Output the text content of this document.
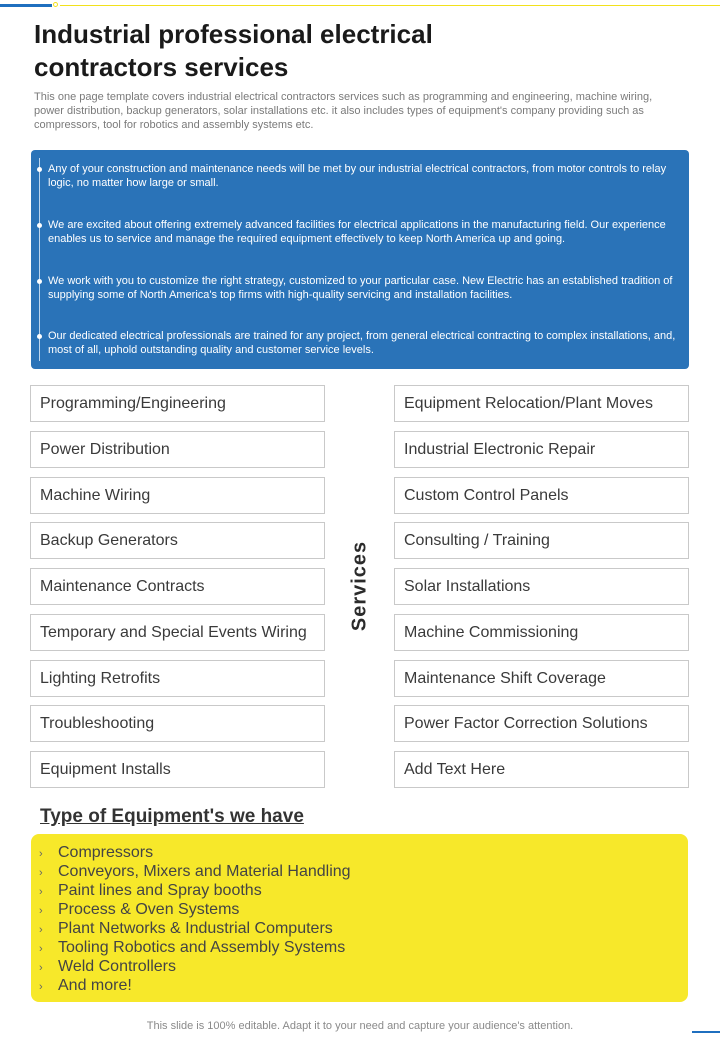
Industrial professional electrical contractors services

This one page template covers industrial electrical contractors services such as programming and engineering, machine wiring, power distribution, backup generators, solar installations etc. it also includes types of equipment's company providing such as compressors, tool for robotics and assembly systems etc.

Any of your construction and maintenance needs will be met by our industrial electrical contractors, from motor controls to relay logic, no matter how large or small.
We are excited about offering extremely advanced facilities for electrical applications in the manufacturing field. Our experience enables us to service and manage the required equipment effectively to keep North America up and going.
We work with you to customize the right strategy, customized to your particular case. New Electric has an established tradition of supplying some of North America's top firms with high-quality servicing and installation facilities.
Our dedicated electrical professionals are trained for any project, from general electrical contracting to complex installations, and, most of all, uphold outstanding quality and customer service levels.
Programming/Engineering
Power Distribution
Machine Wiring
Backup Generators
Maintenance Contracts
Temporary and Special Events Wiring
Lighting Retrofits
Troubleshooting
Equipment Installs
Services
Equipment Relocation/Plant Moves
Industrial Electronic Repair
Custom Control Panels
Consulting / Training
Solar Installations
Machine Commissioning
Maintenance Shift Coverage
Power Factor Correction Solutions
Add Text Here
Type of Equipment's we have
› Compressors
› Conveyors, Mixers and Material Handling
› Paint lines and Spray booths
› Process & Oven Systems
› Plant Networks & Industrial Computers
› Tooling Robotics and Assembly Systems
› Weld Controllers
› And more!
This slide is 100% editable. Adapt it to your need and capture your audience's attention.
